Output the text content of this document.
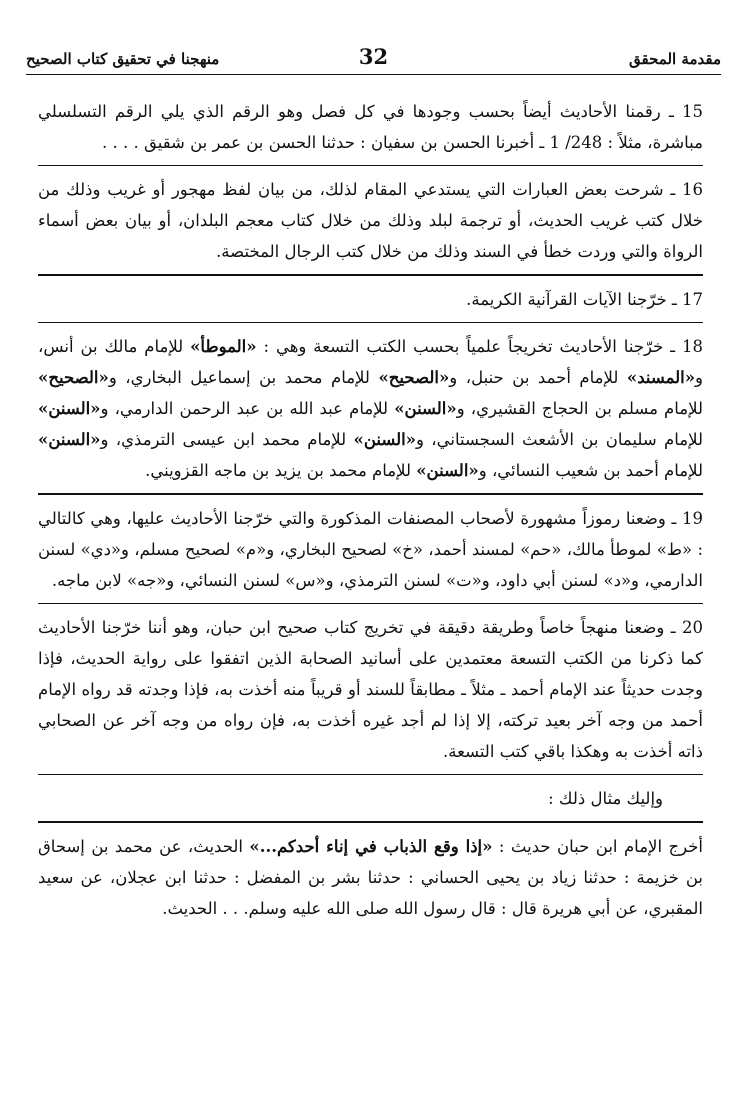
مقدمة المحقق
32
منهجنا في تحقيق كتاب الصحيح

15 ـ رقمنا الأحاديث أيضاً بحسب وجودها في كل فصل وهو الرقم الذي يلي الرقم التسلسلي مباشرة، مثلاً : 248/ 1 ـ أخبرنا الحسن بن سفيان : حدثنا الحسن بن عمر بن شقيق . . . .

16 ـ شرحت بعض العبارات التي يستدعي المقام لذلك، من بيان لفظ مهجور أو غريب وذلك من خلال كتب غريب الحديث، أو ترجمة لبلد وذلك من خلال كتاب معجم البلدان، أو بيان بعض أسماء الرواة والتي وردت خطأ في السند وذلك من خلال كتب الرجال المختصة.

17 ـ خرّجنا الآيات القرآنية الكريمة.

18 ـ خرّجنا الأحاديث تخريجاً علمياً بحسب الكتب التسعة وهي : «الموطأ» للإمام مالك بن أنس، و«المسند» للإمام أحمد بن حنبل، و«الصحيح» للإمام محمد بن إسماعيل البخاري، و«الصحيح» للإمام مسلم بن الحجاج القشيري، و«السنن» للإمام عبد الله بن عبد الرحمن الدارمي، و«السنن» للإمام سليمان بن الأشعث السجستاني، و«السنن» للإمام محمد ابن عيسى الترمذي، و«السنن» للإمام أحمد بن شعيب النسائي، و«السنن» للإمام محمد بن يزيد بن ماجه القزويني.

19 ـ وضعنا رموزاً مشهورة لأصحاب المصنفات المذكورة والتي خرّجنا الأحاديث عليها، وهي كالتالي : «ط» لموطأ مالك، «حم» لمسند أحمد، «خ» لصحيح البخاري، و«م» لصحيح مسلم، و«دي» لسنن الدارمي، و«د» لسنن أبي داود، و«ت» لسنن الترمذي، و«س» لسنن النسائي، و«جه» لابن ماجه.

20 ـ وضعنا منهجاً خاصاً وطريقة دقيقة في تخريج كتاب صحيح ابن حبان، وهو أننا خرّجنا الأحاديث كما ذكرنا من الكتب التسعة معتمدين على أسانيد الصحابة الذين اتفقوا على رواية الحديث، فإذا وجدت حديثاً عند الإمام أحمد ـ مثلاً ـ مطابقاً للسند أو قريباً منه أخذت به، فإذا وجدته قد رواه الإمام أحمد من وجه آخر بعيد تركته، إلا إذا لم أجد غيره أخذت به، فإن رواه من وجه آخر عن الصحابي ذاته أخذت به وهكذا باقي كتب التسعة.

وإليك مثال ذلك :

أخرج الإمام ابن حبان حديث : «إذا وقع الذباب في إناء أحدكم...» الحديث، عن محمد بن إسحاق بن خزيمة : حدثنا زياد بن يحيى الحساني : حدثنا بشر بن المفضل : حدثنا ابن عجلان، عن سعيد المقبري، عن أبي هريرة قال : قال رسول الله صلى الله عليه وسلم. . . الحديث.
